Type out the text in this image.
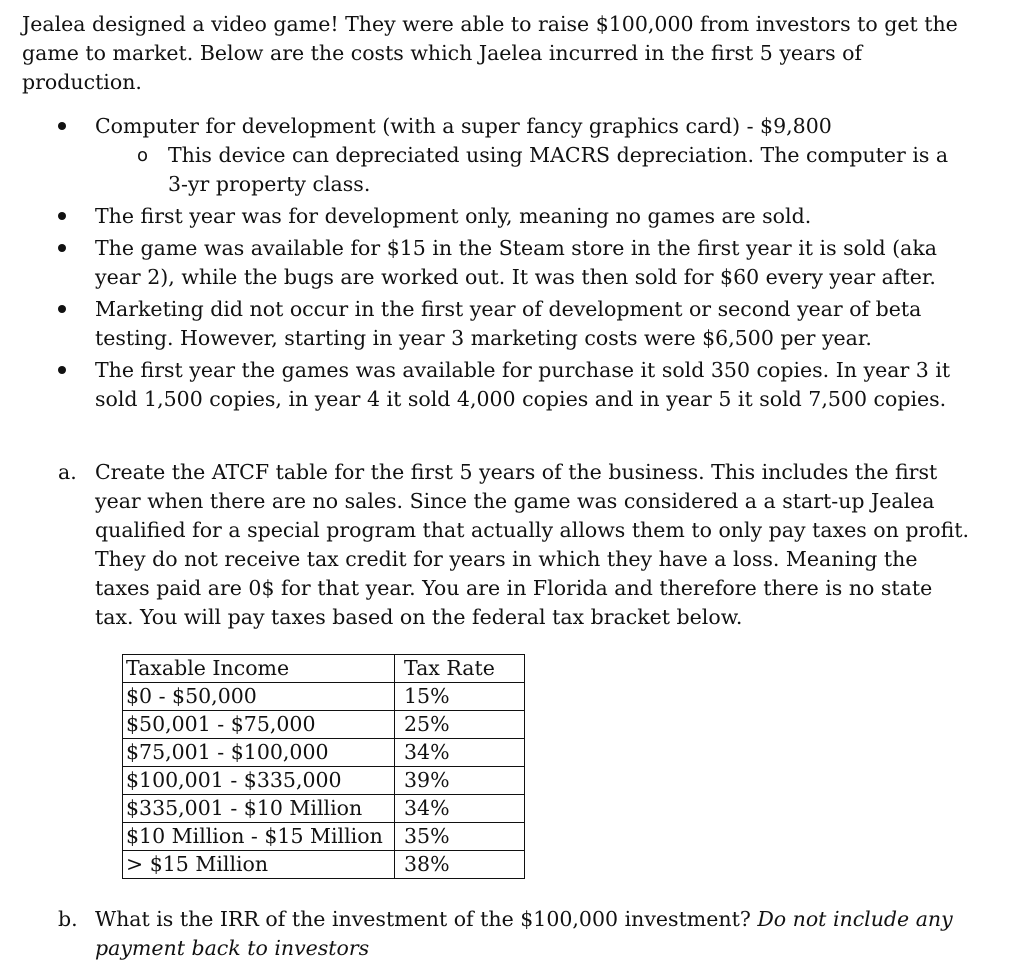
Jealea designed a video game! They were able to raise $100,000 from investors to get the game to market. Below are the costs which Jaelea incurred in the first 5 years of production.

Computer for development (with a super fancy graphics card) - $9,800
o This device can depreciated using MACRS depreciation. The computer is a 3-yr property class.
The first year was for development only, meaning no games are sold.
The game was available for $15 in the Steam store in the first year it is sold (aka year 2), while the bugs are worked out. It was then sold for $60 every year after.
Marketing did not occur in the first year of development or second year of beta testing. However, starting in year 3 marketing costs were $6,500 per year.
The first year the games was available for purchase it sold 350 copies. In year 3 it sold 1,500 copies, in year 4 it sold 4,000 copies and in year 5 it sold 7,500 copies.
a. Create the ATCF table for the first 5 years of the business. This includes the first year when there are no sales. Since the game was considered a a start-up Jealea qualified for a special program that actually allows them to only pay taxes on profit. They do not receive tax credit for years in which they have a loss. Meaning the taxes paid are 0$ for that year. You are in Florida and therefore there is no state tax. You will pay taxes based on the federal tax bracket below.
Taxable Income	Tax Rate
$0 - $50,000	15%
$50,001 - $75,000	25%
$75,001 - $100,000	34%
$100,001 - $335,000	39%
$335,001 - $10 Million	34%
$10 Million - $15 Million	35%
> $15 Million	38%
b. What is the IRR of the investment of the $100,000 investment? Do not include any payment back to investors
